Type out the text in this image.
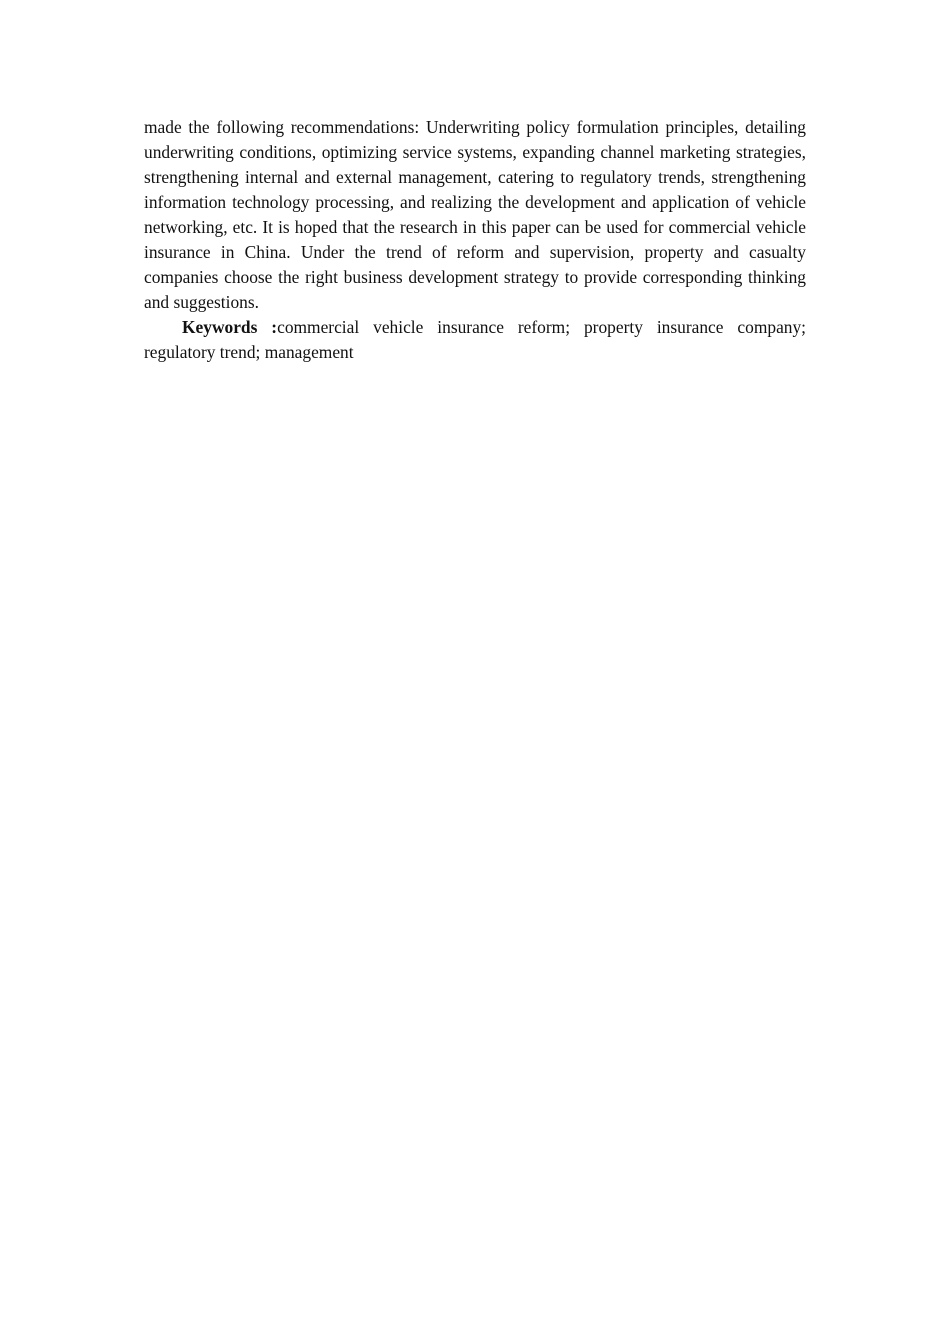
made the following recommendations: Underwriting policy formulation principles, detailing underwriting conditions, optimizing service systems, expanding channel marketing strategies, strengthening internal and external management, catering to regulatory trends, strengthening information technology processing, and realizing the development and application of vehicle networking, etc. It is hoped that the research in this paper can be used for commercial vehicle insurance in China. Under the trend of reform and supervision, property and casualty companies choose the right business development strategy to provide corresponding thinking and suggestions.

Keywords :commercial vehicle insurance reform; property insurance company; regulatory trend; management
